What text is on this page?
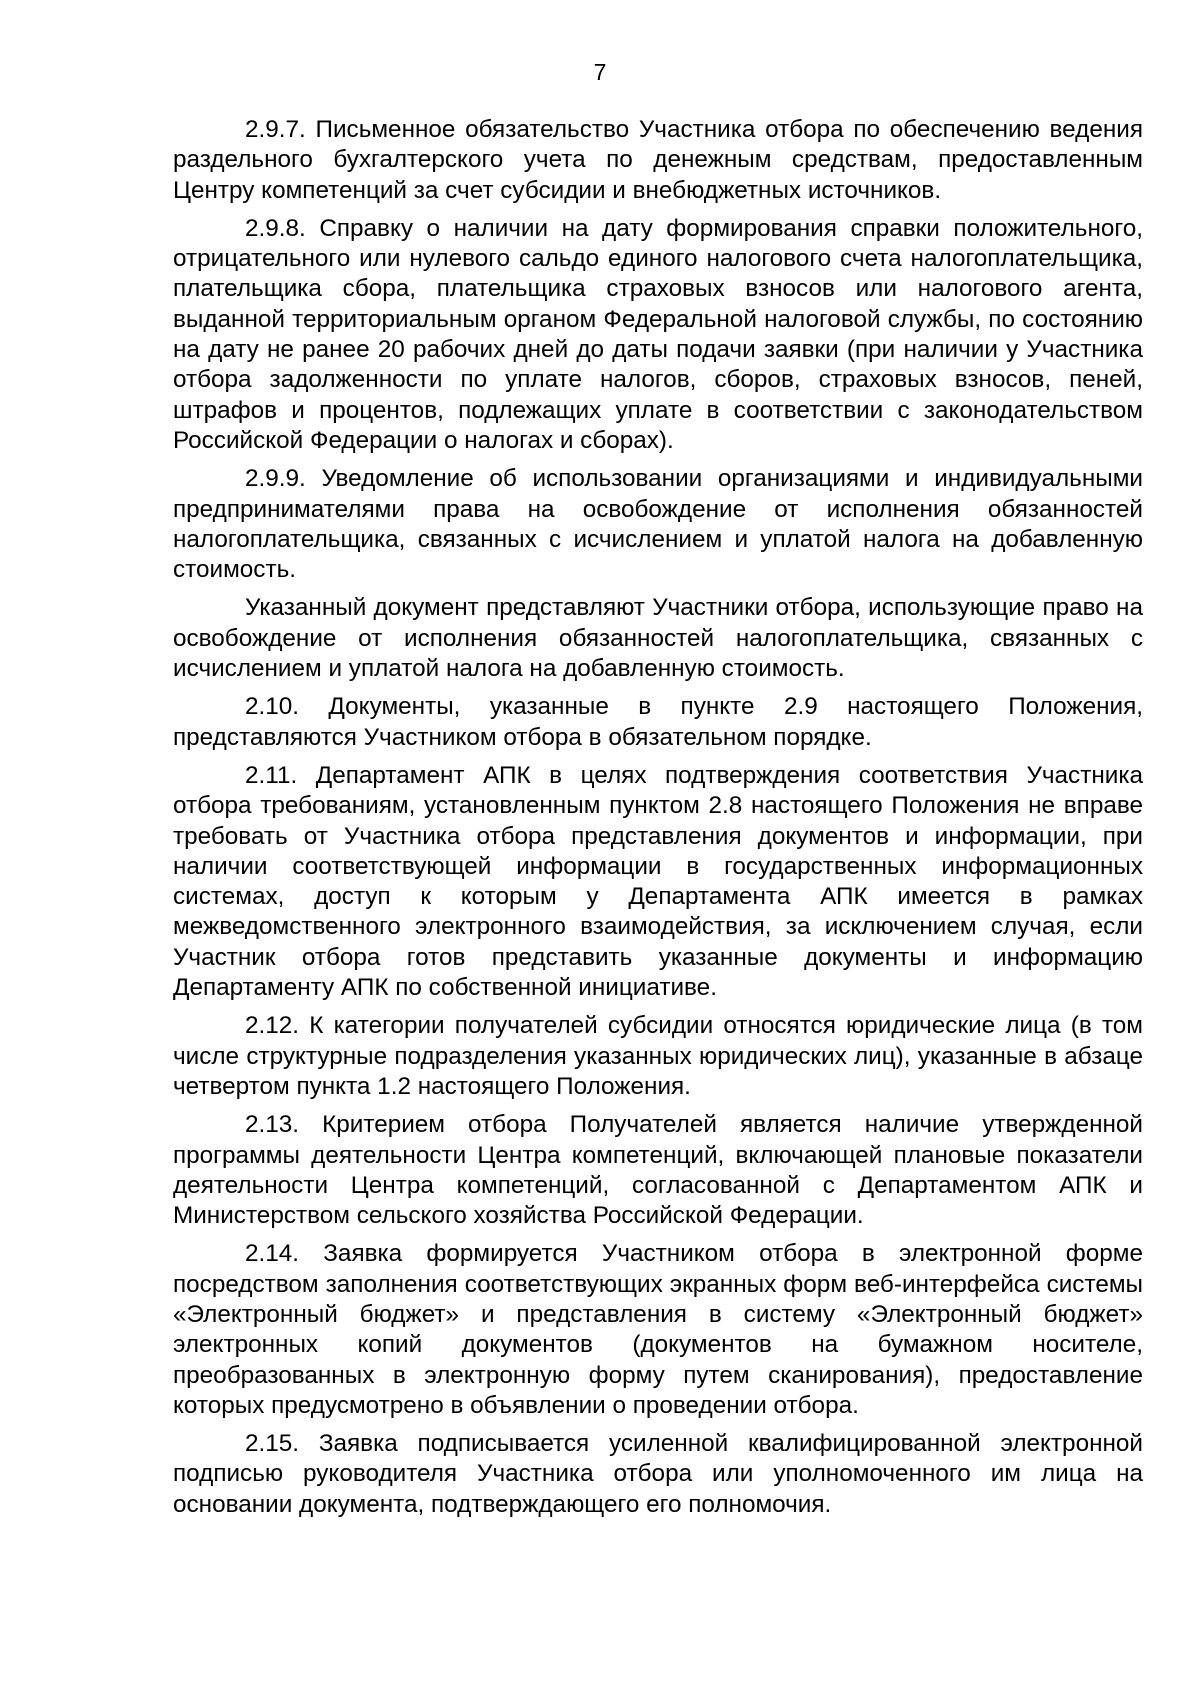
7

2.9.7. Письменное обязательство Участника отбора по обеспечению ведения раздельного бухгалтерского учета по денежным средствам, предоставленным Центру компетенций за счет субсидии и внебюджетных источников.

2.9.8. Справку о наличии на дату формирования справки положительного, отрицательного или нулевого сальдо единого налогового счета налогоплательщика, плательщика сбора, плательщика страховых взносов или налогового агента, выданной территориальным органом Федеральной налоговой службы, по состоянию на дату не ранее 20 рабочих дней до даты подачи заявки (при наличии у Участника отбора задолженности по уплате налогов, сборов, страховых взносов, пеней, штрафов и процентов, подлежащих уплате в соответствии с законодательством Российской Федерации о налогах и сборах).

2.9.9. Уведомление об использовании организациями и индивидуальными предпринимателями права на освобождение от исполнения обязанностей налогоплательщика, связанных с исчислением и уплатой налога на добавленную стоимость.

Указанный документ представляют Участники отбора, использующие право на освобождение от исполнения обязанностей налогоплательщика, связанных с исчислением и уплатой налога на добавленную стоимость.

2.10. Документы, указанные в пункте 2.9 настоящего Положения, представляются Участником отбора в обязательном порядке.

2.11. Департамент АПК в целях подтверждения соответствия Участника отбора требованиям, установленным пунктом 2.8 настоящего Положения не вправе требовать от Участника отбора представления документов и информации, при наличии соответствующей информации в государственных информационных системах, доступ к которым у Департамента АПК имеется в рамках межведомственного электронного взаимодействия, за исключением случая, если Участник отбора готов представить указанные документы и информацию Департаменту АПК по собственной инициативе.

2.12. К категории получателей субсидии относятся юридические лица (в том числе структурные подразделения указанных юридических лиц), указанные в абзаце четвертом пункта 1.2 настоящего Положения.

2.13. Критерием отбора Получателей является наличие утвержденной программы деятельности Центра компетенций, включающей плановые показатели деятельности Центра компетенций, согласованной с Департаментом АПК и Министерством сельского хозяйства Российской Федерации.

2.14. Заявка формируется Участником отбора в электронной форме посредством заполнения соответствующих экранных форм веб-интерфейса системы «Электронный бюджет» и представления в систему «Электронный бюджет» электронных копий документов (документов на бумажном носителе, преобразованных в электронную форму путем сканирования), предоставление которых предусмотрено в объявлении о проведении отбора.

2.15. Заявка подписывается усиленной квалифицированной электронной подписью руководителя Участника отбора или уполномоченного им лица на основании документа, подтверждающего его полномочия.
